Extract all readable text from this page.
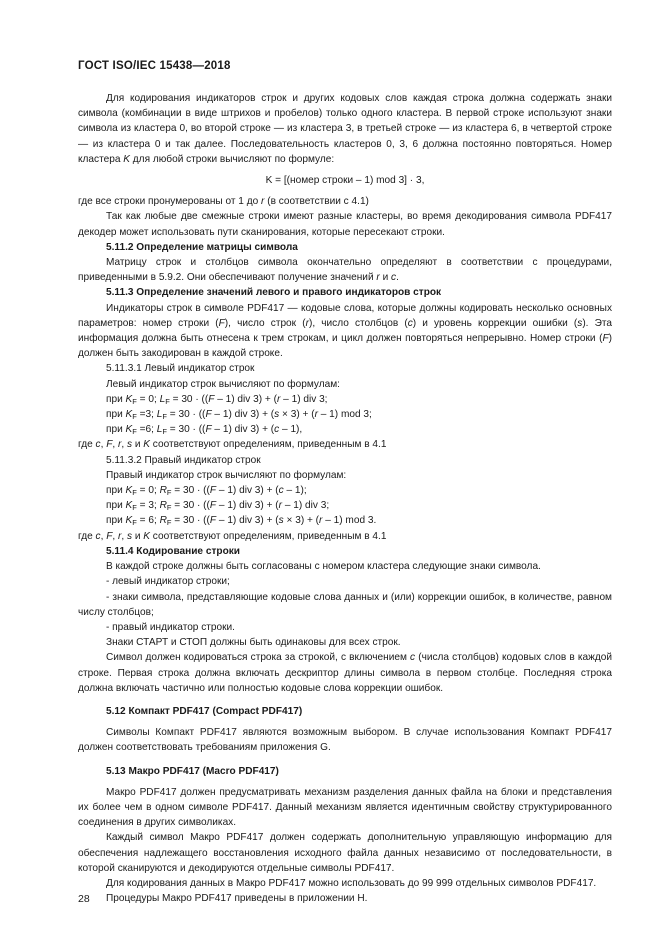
ГОСТ ISO/IEC 15438—2018

Для кодирования индикаторов строк и других кодовых слов каждая строка должна содержать знаки символа (комбинации в виде штрихов и пробелов) только одного кластера. В первой строке используют знаки символа из кластера 0, во второй строке — из кластера 3, в третьей строке — из кластера 6, в четвертой строке — из кластера 0 и так далее. Последовательность кластеров 0, 3, 6 должна постоянно повторяться. Номер кластера K для любой строки вычисляют по формуле:

K = [(номер строки – 1) mod 3] · 3,

где все строки пронумерованы от 1 до r (в соответствии с 4.1)

Так как любые две смежные строки имеют разные кластеры, во время декодирования символа PDF417 декодер может использовать пути сканирования, которые пересекают строки.

5.11.2 Определение матрицы символа

Матрицу строк и столбцов символа окончательно определяют в соответствии с процедурами, приведенными в 5.9.2. Они обеспечивают получение значений r и c.

5.11.3 Определение значений левого и правого индикаторов строк

Индикаторы строк в символе PDF417 — кодовые слова, которые должны кодировать несколько основных параметров: номер строки (F), число строк (r), число столбцов (c) и уровень коррекции ошибки (s). Эта информация должна быть отнесена к трем строкам, и цикл должен повторяться непрерывно. Номер строки (F) должен быть закодирован в каждой строке.

5.11.3.1 Левый индикатор строк

Левый индикатор строк вычисляют по формулам:

при $K_F = 0$; $L_F = 30 \cdot ((F - 1)$ div 3) + (r – 1) div 3;

при $K_F =3$; $L_F = 30 \cdot ((F - 1)$ div 3) + (s × 3) + (r – 1) mod 3;

при $K_F =6$; $L_F = 30 \cdot ((F - 1)$ div 3) + (c – 1),

где c, F, r, s и K соответствуют определениям, приведенным в 4.1

5.11.3.2 Правый индикатор строк

Правый индикатор строк вычисляют по формулам:

при $K_F = 0$; $R_F = 30 \cdot ((F - 1)$ div 3) + (c – 1);

при $K_F = 3$; $R_F = 30 \cdot ((F - 1)$ div 3) + (r – 1) div 3;

при $K_F = 6$; $R_F = 30 \cdot ((F - 1)$ div 3) + (s × 3) + (r – 1) mod 3.

где c, F, r, s и K соответствуют определениям, приведенным в 4.1

5.11.4 Кодирование строки

В каждой строке должны быть согласованы с номером кластера следующие знаки символа.

- левый индикатор строки;

- знаки символа, представляющие кодовые слова данных и (или) коррекции ошибок, в количестве, равном числу столбцов;

- правый индикатор строки.

Знаки СТАРТ и СТОП должны быть одинаковы для всех строк.

Символ должен кодироваться строка за строкой, с включением c (числа столбцов) кодовых слов в каждой строке. Первая строка должна включать дескриптор длины символа в первом столбце. Последняя строка должна включать частично или полностью кодовые слова коррекции ошибок.

5.12 Компакт PDF417 (Compact PDF417)

Символы Компакт PDF417 являются возможным выбором. В случае использования Компакт PDF417 должен соответствовать требованиям приложения G.

5.13 Макро PDF417 (Macro PDF417)

Макро PDF417 должен предусматривать механизм разделения данных файла на блоки и представления их более чем в одном символе PDF417. Данный механизм является идентичным свойству структурированного соединения в других символиках.

Каждый символ Макро PDF417 должен содержать дополнительную управляющую информацию для обеспечения надлежащего восстановления исходного файла данных независимо от последовательности, в которой сканируются и декодируются отдельные символы PDF417.

Для кодирования данных в Макро PDF417 можно использовать до 99 999 отдельных символов PDF417.

Процедуры Макро PDF417 приведены в приложении H.

28
